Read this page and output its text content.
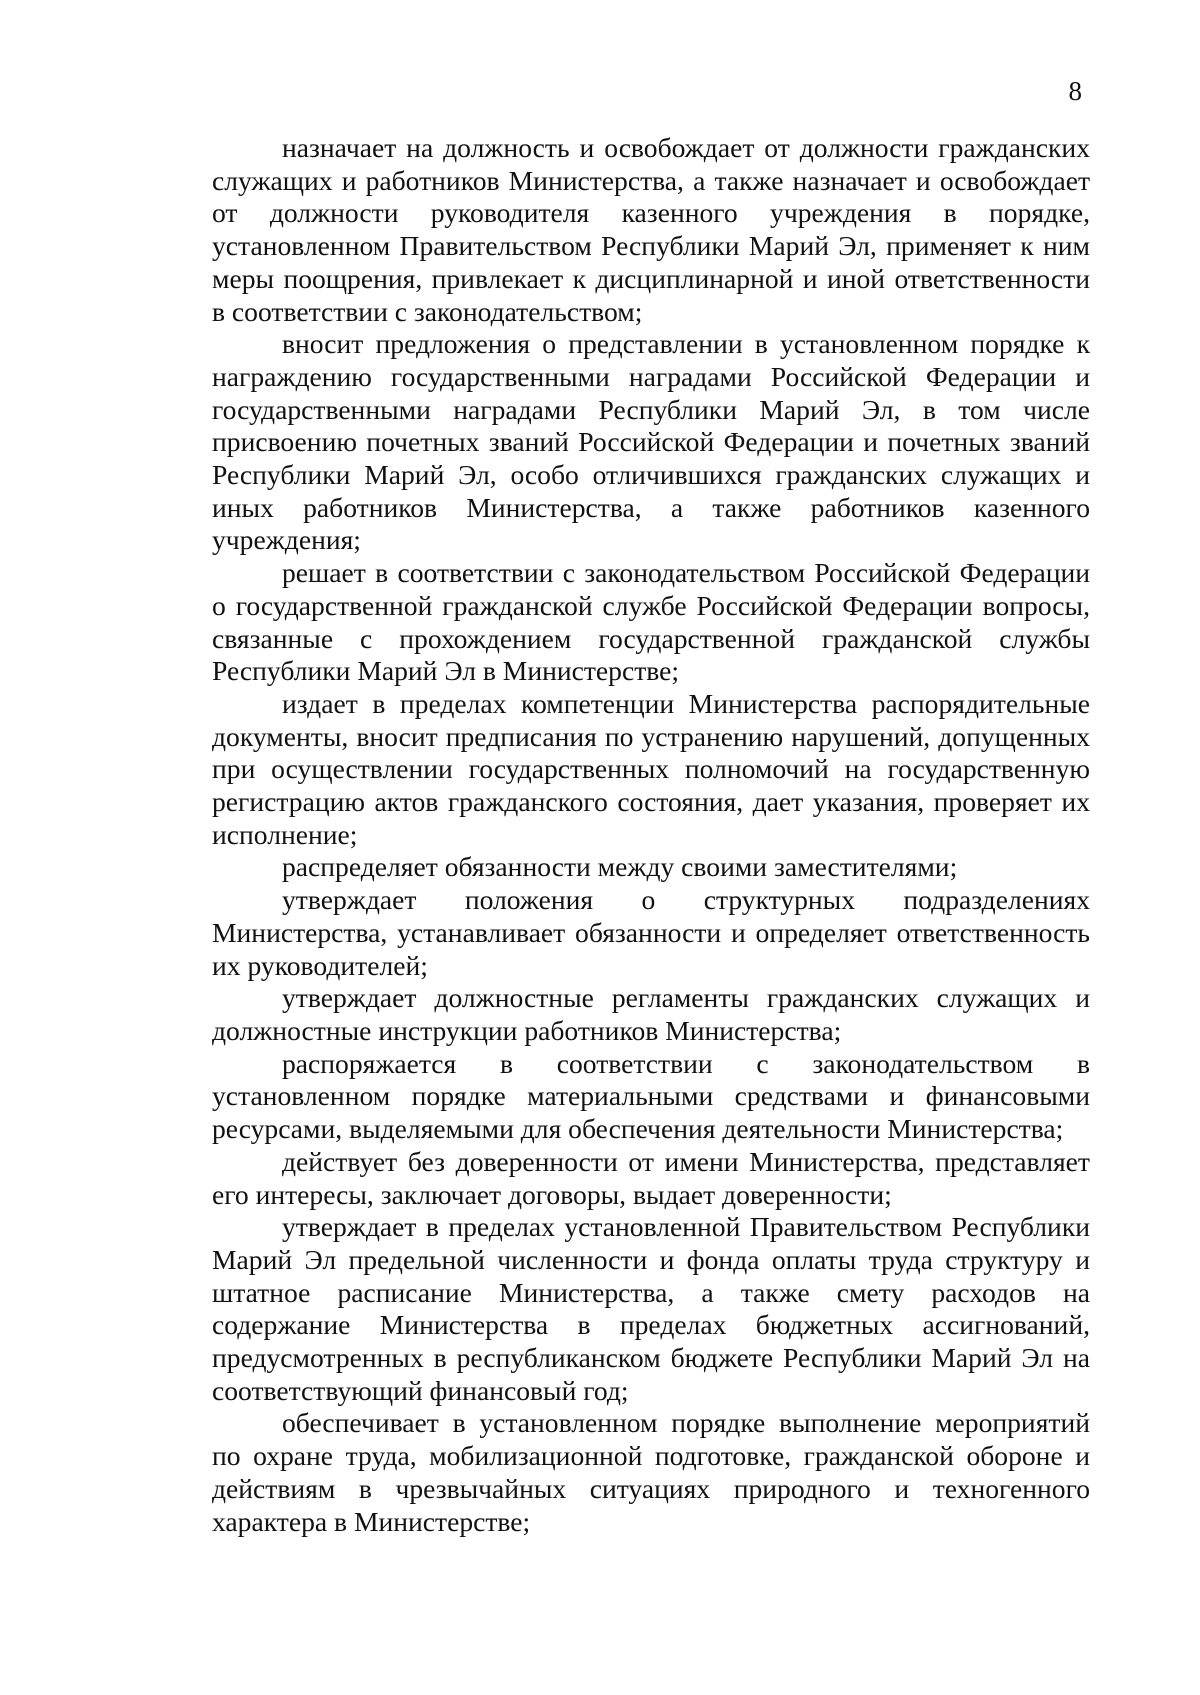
8

назначает на должность и освобождает от должности гражданских служащих и работников Министерства, а также назначает и освобождает от должности руководителя казенного учреждения в порядке, установленном Правительством Республики Марий Эл, применяет к ним меры поощрения, привлекает к дисциплинарной и иной ответственности в соответствии с законодательством;

вносит предложения о представлении в установленном порядке к награждению государственными наградами Российской Федерации и государственными наградами Республики Марий Эл, в том числе присвоению почетных званий Российской Федерации и почетных званий Республики Марий Эл, особо отличившихся гражданских служащих и иных работников Министерства, а также работников казенного учреждения;

решает в соответствии с законодательством Российской Федерации о государственной гражданской службе Российской Федерации вопросы, связанные с прохождением государственной гражданской службы Республики Марий Эл в Министерстве;

издает в пределах компетенции Министерства распорядительные документы, вносит предписания по устранению нарушений, допущенных при осуществлении государственных полномочий на государственную регистрацию актов гражданского состояния, дает указания, проверяет их исполнение;

распределяет обязанности между своими заместителями;

утверждает положения о структурных подразделениях Министерства, устанавливает обязанности и определяет ответственность их руководителей;

утверждает должностные регламенты гражданских служащих и должностные инструкции работников Министерства;

распоряжается в соответствии с законодательством в установленном порядке материальными средствами и финансовыми ресурсами, выделяемыми для обеспечения деятельности Министерства;

действует без доверенности от имени Министерства, представляет его интересы, заключает договоры, выдает доверенности;

утверждает в пределах установленной Правительством Республики Марий Эл предельной численности и фонда оплаты труда структуру и штатное расписание Министерства, а также смету расходов на содержание Министерства в пределах бюджетных ассигнований, предусмотренных в республиканском бюджете Республики Марий Эл на соответствующий финансовый год;

обеспечивает в установленном порядке выполнение мероприятий по охране труда, мобилизационной подготовке, гражданской обороне и действиям в чрезвычайных ситуациях природного и техногенного характера в Министерстве;
